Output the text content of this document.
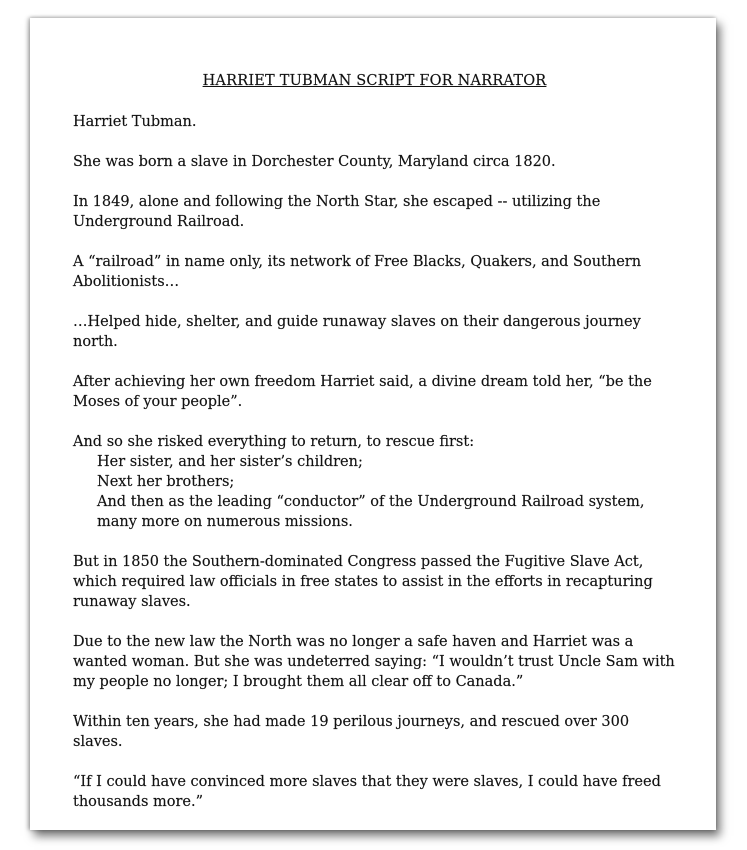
HARRIET TUBMAN SCRIPT FOR NARRATOR
Harriet Tubman.
She was born a slave in Dorchester County, Maryland circa 1820.
In 1849, alone and following the North Star, she escaped -- utilizing the Underground Railroad.
A “railroad” in name only, its network of Free Blacks, Quakers, and Southern Abolitionists…
…Helped hide, shelter, and guide runaway slaves on their dangerous journey north.
After achieving her own freedom Harriet said, a divine dream told her, “be the Moses of your people”.
And so she risked everything to return, to rescue first:
Her sister, and her sister’s children;
Next her brothers;
And then as the leading “conductor” of the Underground Railroad system, many more on numerous missions.
But in 1850 the Southern-dominated Congress passed the Fugitive Slave Act, which required law officials in free states to assist in the efforts in recapturing runaway slaves.
Due to the new law the North was no longer a safe haven and Harriet was a wanted woman. But she was undeterred saying: “I wouldn’t trust Uncle Sam with my people no longer; I brought them all clear off to Canada.”
Within ten years, she had made 19 perilous journeys, and rescued over 300 slaves.
“If I could have convinced more slaves that they were slaves, I could have freed thousands more.”
